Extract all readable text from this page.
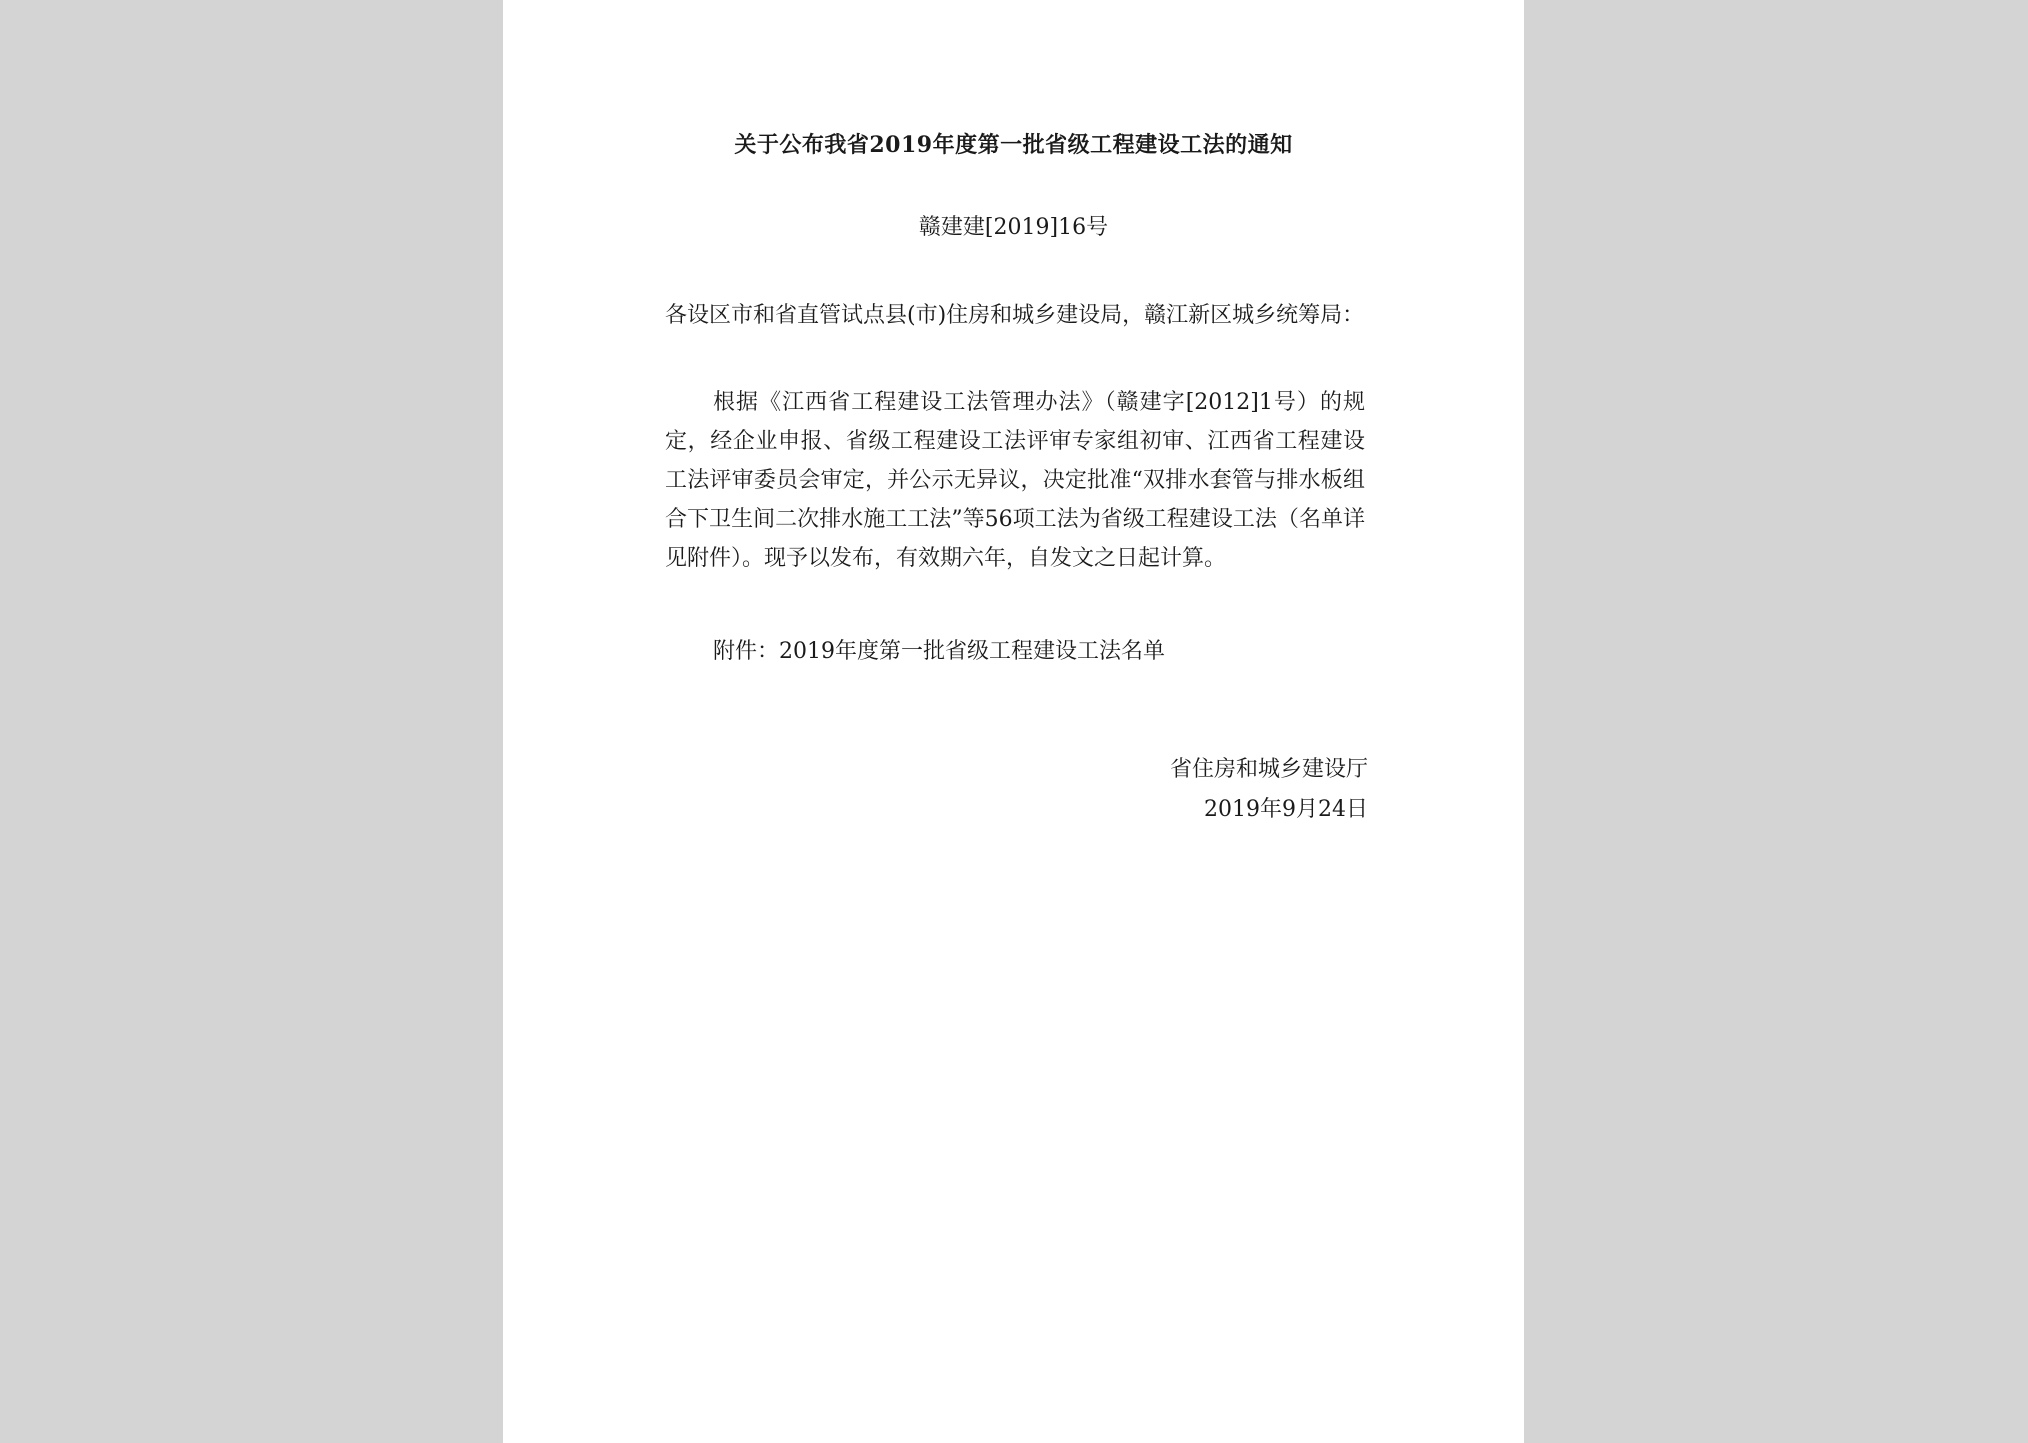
关于公布我省2019年度第一批省级工程建设工法的通知
赣建建[2019]16号
各设区市和省直管试点县(市)住房和城乡建设局，赣江新区城乡统筹局：
根据《江西省工程建设工法管理办法》（赣建字[2012]1号）的规定，经企业申报、省级工程建设工法评审专家组初审、江西省工程建设工法评审委员会审定，并公示无异议，决定批准“双排水套管与排水板组合下卫生间二次排水施工工法”等56项工法为省级工程建设工法（名单详见附件）。现予以发布，有效期六年，自发文之日起计算。
附件：2019年度第一批省级工程建设工法名单
省住房和城乡建设厅
2019年9月24日
